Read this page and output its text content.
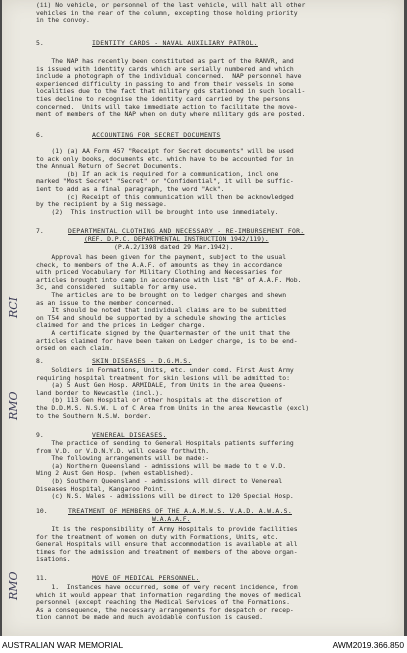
(ii) No vehicle, or personnel of the last vehicle, will halt all other

vehicles in the rear of the column, excepting those holding priority

in the convoy.

5.	IDENTITY CARDS - NAVAL AUXILIARY PATROL.

The NAP has recently been constituted as part of the RANVR, and

is issued with identity cards which are serially numbered and which

include a photograph of the individual concerned.  NAP personnel have

experienced difficulty in passing to and from their vessels in some

localities due to the fact that military gds stationed in such locali-

ties decline to recognise the identity card carried by the persons

concerned.  Units will take immediate action to facilitate the move-

ment of members of the NAP when on duty where military gds are posted.

6.	ACCOUNTING FOR SECRET DOCUMENTS

(1) (a) AA Form 457 "Receipt for Secret documents" will be used

to ack only books, documents etc. which have to be accounted for in

the Annual Return of Secret Documents.

(b) If an ack is required for a communication, incl one

marked "Most Secret" "Secret" or "Confidential", it will be suffic-

ient to add as a final paragraph, the word "Ack".

(c) Receipt of this communication will then be acknowledged

by the recipient by a Sig message.

(2)  This instruction will be brought into use immediately.

7.	DEPARTMENTAL CLOTHING AND NECESSARY - RE-IMBURSEMENT FOR.

(REF. D.P.C. DEPARTMENTAL INSTRUCTION 1942/119).

(P.A.2/1398 dated 29 Mar.1942).

Approval has been given for the payment, subject to the usual

check, to members of the A.A.F. of amounts as they in accordance

with priced Vocabulary for Military Clothing and Necessaries for

articles brought into camp in accordance with list "B" of A.A.F. Mob.

3c, and considered  suitable for army use.

The articles are to be brought on to ledger charges and shewn

as an issue to the member concerned.

It should be noted that individual claims are to be submitted

on T54 and should be supported by a schedule showing the articles

claimed for and the prices in Ledger charge.

A certificate signed by the Quartermaster of the unit that the

articles claimed for have been taken on Ledger charge, is to be end-

orsed on each claim.

8.	SKIN DISEASES - D.G.M.S.

Soldiers in Formations, Units, etc. under comd. First Aust Army

requiring hospital treatment for skin lesions will be admitted to:

(a) 5 Aust Gen Hosp. ARMIDALE, from Units in the area Queens-

land border to Newcastle (incl.).

(b) 113 Gen Hospital or other hospitals at the discretion of

the D.D.M.S. N.S.W. L of C Area from Units in the area Newcastle (excl)

to the Southern N.S.W. border.

9.	VENEREAL DISEASES.

The practice of sending to General Hospitals patients suffering

from V.D. or V.D.N.Y.D. will cease forthwith.

The following arrangements will be made:-

(a) Northern Queensland - admissions will be made to t e V.D.

Wing 2 Aust Gen Hosp. (when established).

(b) Southern Queensland - admissions will direct to Venereal

Diseases Hospital, Kangaroo Point.

(c) N.S. Wales - admissions will be direct to 120 Special Hosp.

10.	TREATMENT OF MEMBERS OF THE A.A.M.W.S. V.A.D. A.W.A.S.

W.A.A.A.F.

It is the responsibility of Army Hospitals to provide facilities

for the treatment of women on duty with Formations, Units, etc.

General Hospitals will ensure that accommodation is available at all

times for the admission and treatment of members of the above organ-

isations.

11.	MOVE OF MEDICAL PERSONNEL.

1.  Instances have occurred, some of very recent incidence, from

which it would appear that information regarding the moves of medical

personnel (except reaching the Medical Services of the Formations.

As a consequence, the necessary arrangements for despatch or recep-

tion cannot be made and much avoidable confusion is caused.

RCI
RMO
RMO
AUSTRALIAN WAR MEMORIAL	AWM2019.366.850
